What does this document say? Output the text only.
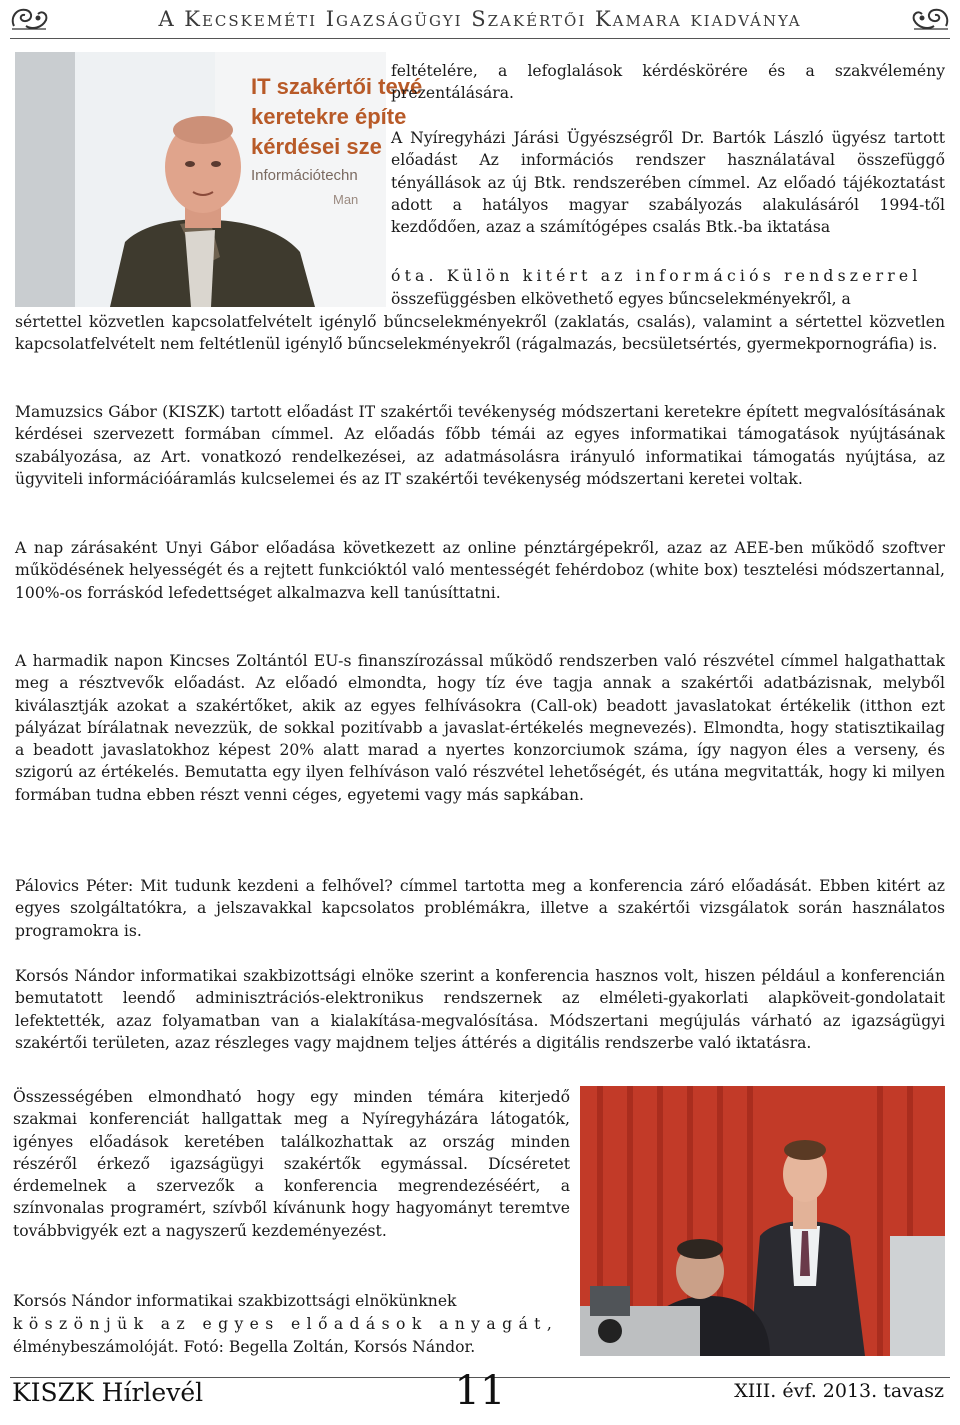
A Kecskeméti Igazságügyi Szakértői Kamara kiadványa
IT szakértői tevé
keretekre építe
kérdései sze
Információtechn
Man

feltételére, a lefoglalások kérdéskörére és a szakvélemény prezentálására.

A Nyíregyházi Járási Ügyészségről Dr. Bartók László ügyész tartott előadást Az információs rendszer használatával összefüggő tényállások az új Btk. rendszerében címmel. Az előadó tájékoztatást adott a hatályos magyar szabályozás alakulásáról 1994-től kezdődően, azaz a számítógépes csalás Btk.-ba iktatása

óta. Külön kitért az információs rendszerrel

összefüggésben elkövethető egyes bűncselekményekről, a

sértettel közvetlen kapcsolatfelvételt igénylő bűncselekményekről (zaklatás, csalás), valamint a sértettel közvetlen kapcsolatfelvételt nem feltétlenül igénylő bűncselekményekről (rágalmazás, becsületsértés, gyermekpornográfia) is.

Mamuzsics Gábor (KISZK) tartott előadást IT szakértői tevékenység módszertani keretekre épített megvalósításának kérdései szervezett formában címmel. Az előadás főbb témái az egyes informatikai támogatások nyújtásának szabályozása, az Art. vonatkozó rendelkezései, az adatmásolásra irányuló informatikai támogatás nyújtása, az ügyviteli információáramlás kulcselemei és az IT szakértői tevékenység módszertani keretei voltak.

A nap zárásaként Unyi Gábor előadása következett az online pénztárgépekről, azaz az AEE-ben működő szoftver működésének helyességét és a rejtett funkcióktól való mentességét fehérdoboz (white box) tesztelési módszertannal, 100%-os forráskód lefedettséget alkalmazva kell tanúsíttatni.

A harmadik napon Kincses Zoltántól EU-s finanszírozással működő rendszerben való részvétel címmel halgathattak meg a résztvevők előadást. Az előadó elmondta, hogy tíz éve tagja annak a szakértői adatbázisnak, melyből kiválasztják azokat a szakértőket, akik az egyes felhívásokra (Call-ok) beadott javaslatokat értékelik (itthon ezt pályázat bírálatnak nevezzük, de sokkal pozitívabb a javaslat-értékelés megnevezés). Elmondta, hogy statisztikailag a beadott javaslatokhoz képest 20% alatt marad a nyertes konzorciumok száma, így nagyon éles a verseny, és szigorú az értékelés. Bemutatta egy ilyen felhíváson való részvétel lehetőségét, és utána megvitatták, hogy ki milyen formában tudna ebben részt venni céges, egyetemi vagy más sapkában.

Pálovics Péter: Mit tudunk kezdeni a felhővel? címmel tartotta meg a konferencia záró előadását. Ebben kitért az egyes szolgáltatókra, a jelszavakkal kapcsolatos problémákra, illetve a szakértői vizsgálatok során használatos programokra is.

Korsós Nándor informatikai szakbizottsági elnöke szerint a konferencia hasznos volt, hiszen például a konferencián bemutatott leendő adminisztrációs-elektronikus rendszernek az elméleti-gyakorlati alapköveit-gondolatait lefektették, azaz folyamatban van a kialakítása-megvalósítása. Módszertani megújulás várható az igazságügyi szakértői területen, azaz részleges vagy majdnem teljes áttérés a digitális rendszerbe való iktatásra.

Összességében elmondható hogy egy minden témára kiterjedő szakmai konferenciát hallgattak meg a Nyíregyházára látogatók, igényes előadások keretében találkozhattak az ország minden részéről érkező igazságügyi szakértők egymással. Dícséretet érdemelnek a szervezők a konferencia megrendezéséért, a színvonalas programért, szívből kívánunk hogy hagyományt teremtve továbbvigyék ezt a nagyszerű kezdeményezést.

Korsós Nándor informatikai szakbizottsági elnökünknek

köszönjük az egyes előadások anyagát,

élménybeszámolóját. Fotó: Begella Zoltán, Korsós Nándor.

KISZK Hírlevél	11	XIII. évf. 2013. tavasz
